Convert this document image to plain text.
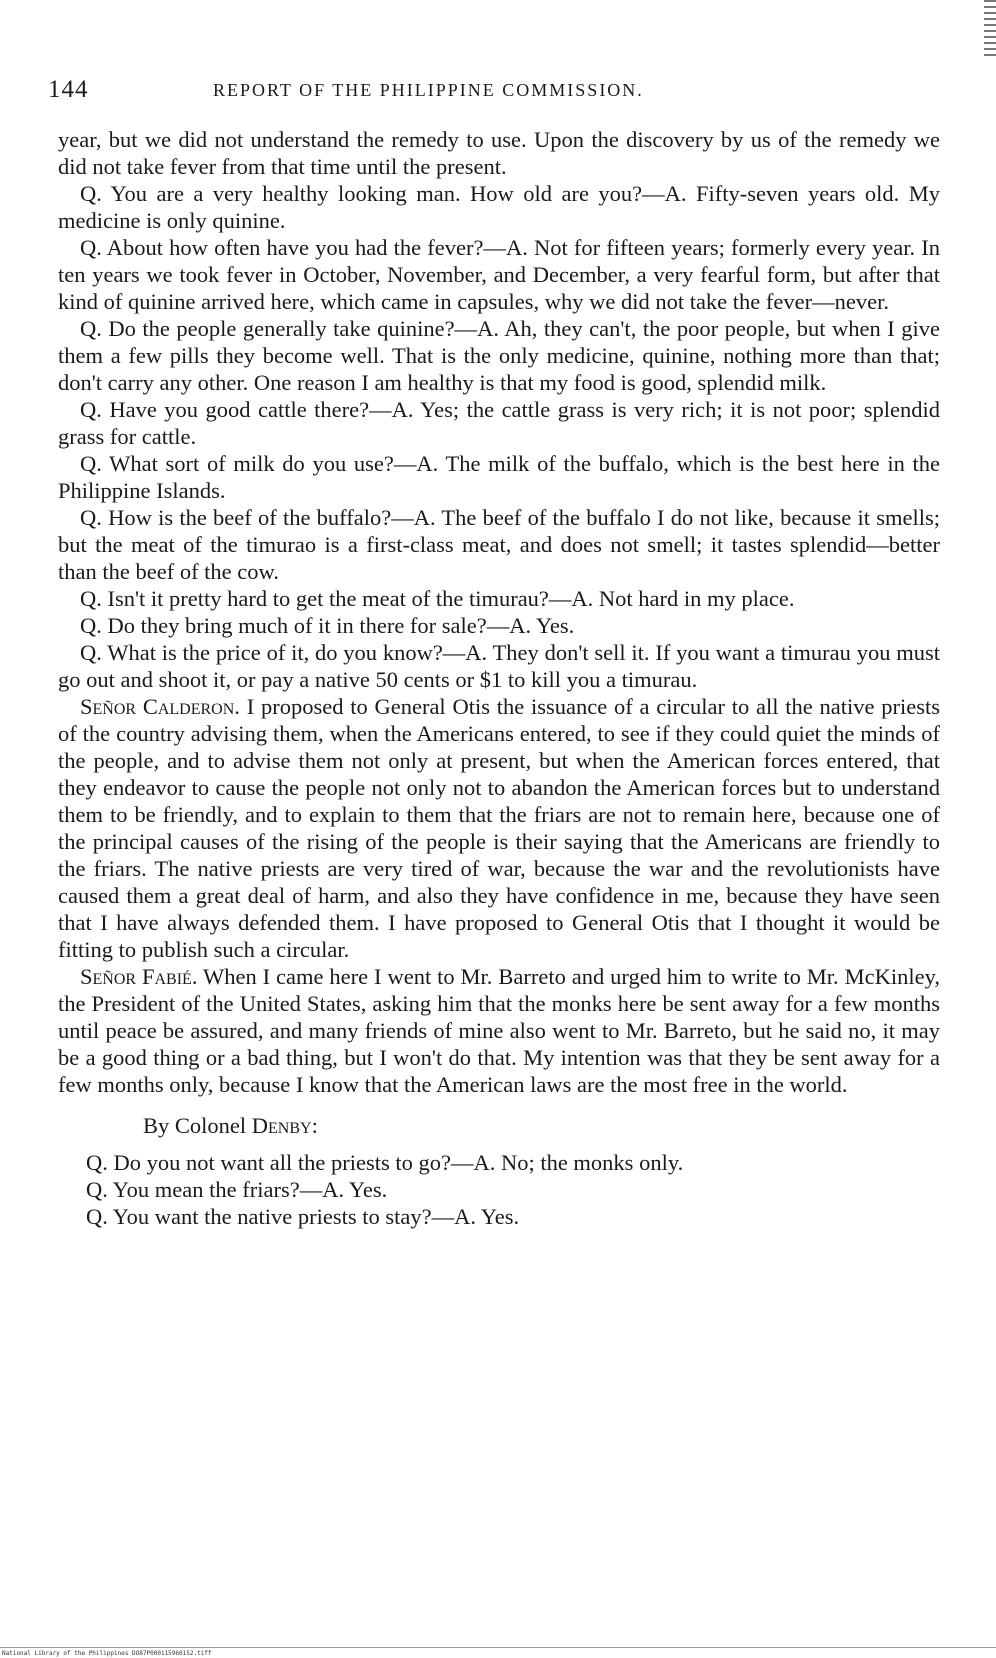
144	REPORT OF THE PHILIPPINE COMMISSION.

year, but we did not understand the remedy to use. Upon the discovery by us of the remedy we did not take fever from that time until the present.

Q. You are a very healthy looking man. How old are you?—A. Fifty-seven years old. My medicine is only quinine.

Q. About how often have you had the fever?—A. Not for fifteen years; formerly every year. In ten years we took fever in October, November, and December, a very fearful form, but after that kind of quinine arrived here, which came in capsules, why we did not take the fever—never.

Q. Do the people generally take quinine?—A. Ah, they can't, the poor people, but when I give them a few pills they become well. That is the only medicine, quinine, nothing more than that; don't carry any other. One reason I am healthy is that my food is good, splendid milk.

Q. Have you good cattle there?—A. Yes; the cattle grass is very rich; it is not poor; splendid grass for cattle.

Q. What sort of milk do you use?—A. The milk of the buffalo, which is the best here in the Philippine Islands.

Q. How is the beef of the buffalo?—A. The beef of the buffalo I do not like, because it smells; but the meat of the timurao is a first-class meat, and does not smell; it tastes splendid—better than the beef of the cow.

Q. Isn't it pretty hard to get the meat of the timurau?—A. Not hard in my place.

Q. Do they bring much of it in there for sale?—A. Yes.

Q. What is the price of it, do you know?—A. They don't sell it. If you want a timurau you must go out and shoot it, or pay a native 50 cents or $1 to kill you a timurau.

Señor Calderon. I proposed to General Otis the issuance of a circular to all the native priests of the country advising them, when the Americans entered, to see if they could quiet the minds of the people, and to advise them not only at present, but when the American forces entered, that they endeavor to cause the people not only not to abandon the American forces but to understand them to be friendly, and to explain to them that the friars are not to remain here, because one of the principal causes of the rising of the people is their saying that the Americans are friendly to the friars. The native priests are very tired of war, because the war and the revolutionists have caused them a great deal of harm, and also they have confidence in me, because they have seen that I have always defended them. I have proposed to General Otis that I thought it would be fitting to publish such a circular.

Señor Fabié. When I came here I went to Mr. Barreto and urged him to write to Mr. McKinley, the President of the United States, asking him that the monks here be sent away for a few months until peace be assured, and many friends of mine also went to Mr. Barreto, but he said no, it may be a good thing or a bad thing, but I won't do that. My intention was that they be sent away for a few months only, because I know that the American laws are the most free in the world.

By Colonel Denby:

Q. Do you not want all the priests to go?—A. No; the monks only.

Q. You mean the friars?—A. Yes.

Q. You want the native priests to stay?—A. Yes.

National Library of the Philippines DO87P000115960152.tiff
